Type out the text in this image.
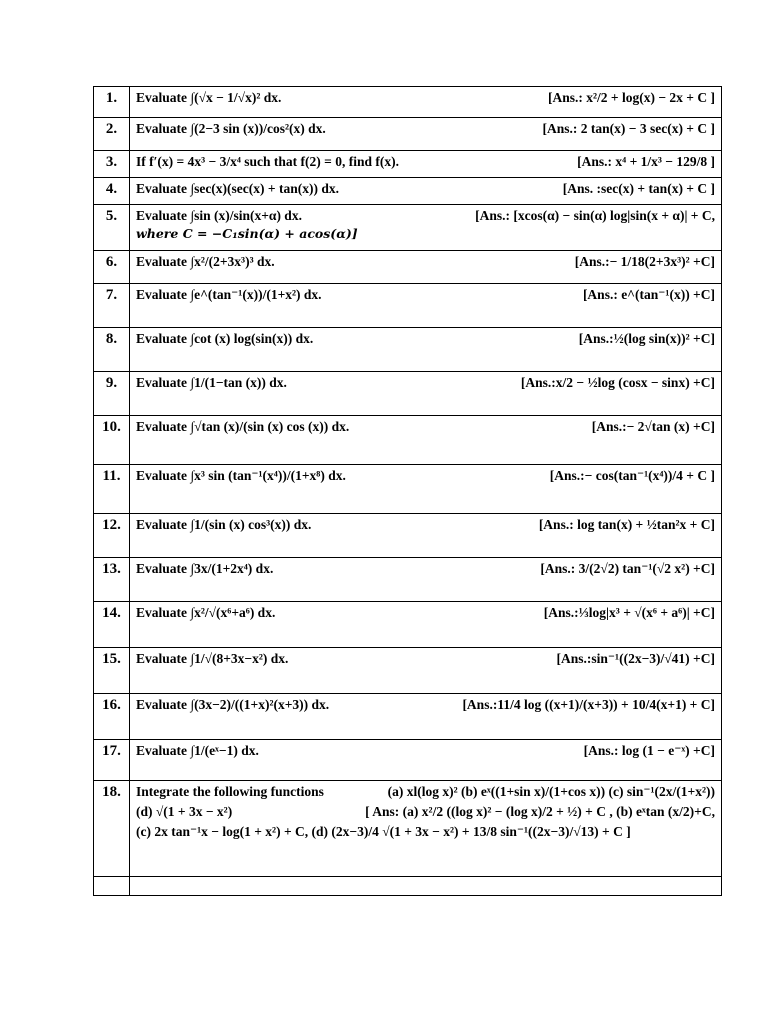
1.	Evaluate ∫(√x − 1/√x)² dx. [Ans.: x²/2 + log(x) − 2x + C ]

2.	Evaluate ∫(2−3 sin (x))/cos²(x) dx. [Ans.: 2 tan(x) − 3 sec(x) + C ]

3.	If f′(x) = 4x³ − 3/x⁴ such that f(2) = 0, find f(x). [Ans.: x⁴ + 1/x³ − 129/8 ]

4.	Evaluate ∫sec(x)(sec(x) + tan(x)) dx. [Ans. :sec(x) + tan(x) + C ]

5.	Evaluate ∫sin (x)/sin(x+α) dx. [Ans.: [xcos(α) − sin(α) log|sin(x + α)| + C,
where C = −C₁sin(α) + acos(α)]

6.	Evaluate ∫x²/(2+3x³)³ dx. [Ans.:− 1/18(2+3x³)² +C]

7.	Evaluate ∫e^(tan⁻¹(x))/(1+x²) dx. [Ans.: e^(tan⁻¹(x)) +C]

8.	Evaluate ∫cot (x) log(sin(x)) dx. [Ans.:½(log sin(x))² +C]

9.	Evaluate ∫1/(1−tan (x)) dx. [Ans.:x/2 − ½log (cosx − sinx) +C]

10.	Evaluate ∫√tan (x)/(sin (x) cos (x)) dx. [Ans.:− 2√tan (x) +C]

11.	Evaluate ∫x³ sin (tan⁻¹(x⁴))/(1+x⁸) dx. [Ans.:− cos(tan⁻¹(x⁴))/4 + C ]

12.	Evaluate ∫1/(sin (x) cos³(x)) dx. [Ans.: log tan(x) + ½tan²x + C]

13.	Evaluate ∫3x/(1+2x⁴) dx. [Ans.: 3/(2√2) tan⁻¹(√2 x²) +C]

14.	Evaluate ∫x²/√(x⁶+a⁶) dx. [Ans.:⅓log|x³ + √(x⁶ + a⁶)| +C]

15.	Evaluate ∫1/√(8+3x−x²) dx. [Ans.:sin⁻¹((2x−3)/√41) +C]

16.	Evaluate ∫(3x−2)/((1+x)²(x+3)) dx. [Ans.:11/4 log ((x+1)/(x+3)) + 10/4(x+1) + C]

17.	Evaluate ∫1/(eˣ−1) dx. [Ans.: log (1 − e⁻ˣ) +C]

18.	Integrate the following functions (a) xl(log x)² (b) eˣ((1+sin x)/(1+cos x)) (c) sin⁻¹(2x/(1+x²))
(d) √(1 + 3x − x²) [ Ans: (a) x²/2 ((log x)² − (log x)/2 + ½) + C , (b) eˣtan (x/2)+C,
(c) 2x tan⁻¹x − log(1 + x²) + C, (d) (2x−3)/4 √(1 + 3x − x²) + 13/8 sin⁻¹((2x−3)/√13) + C ]
